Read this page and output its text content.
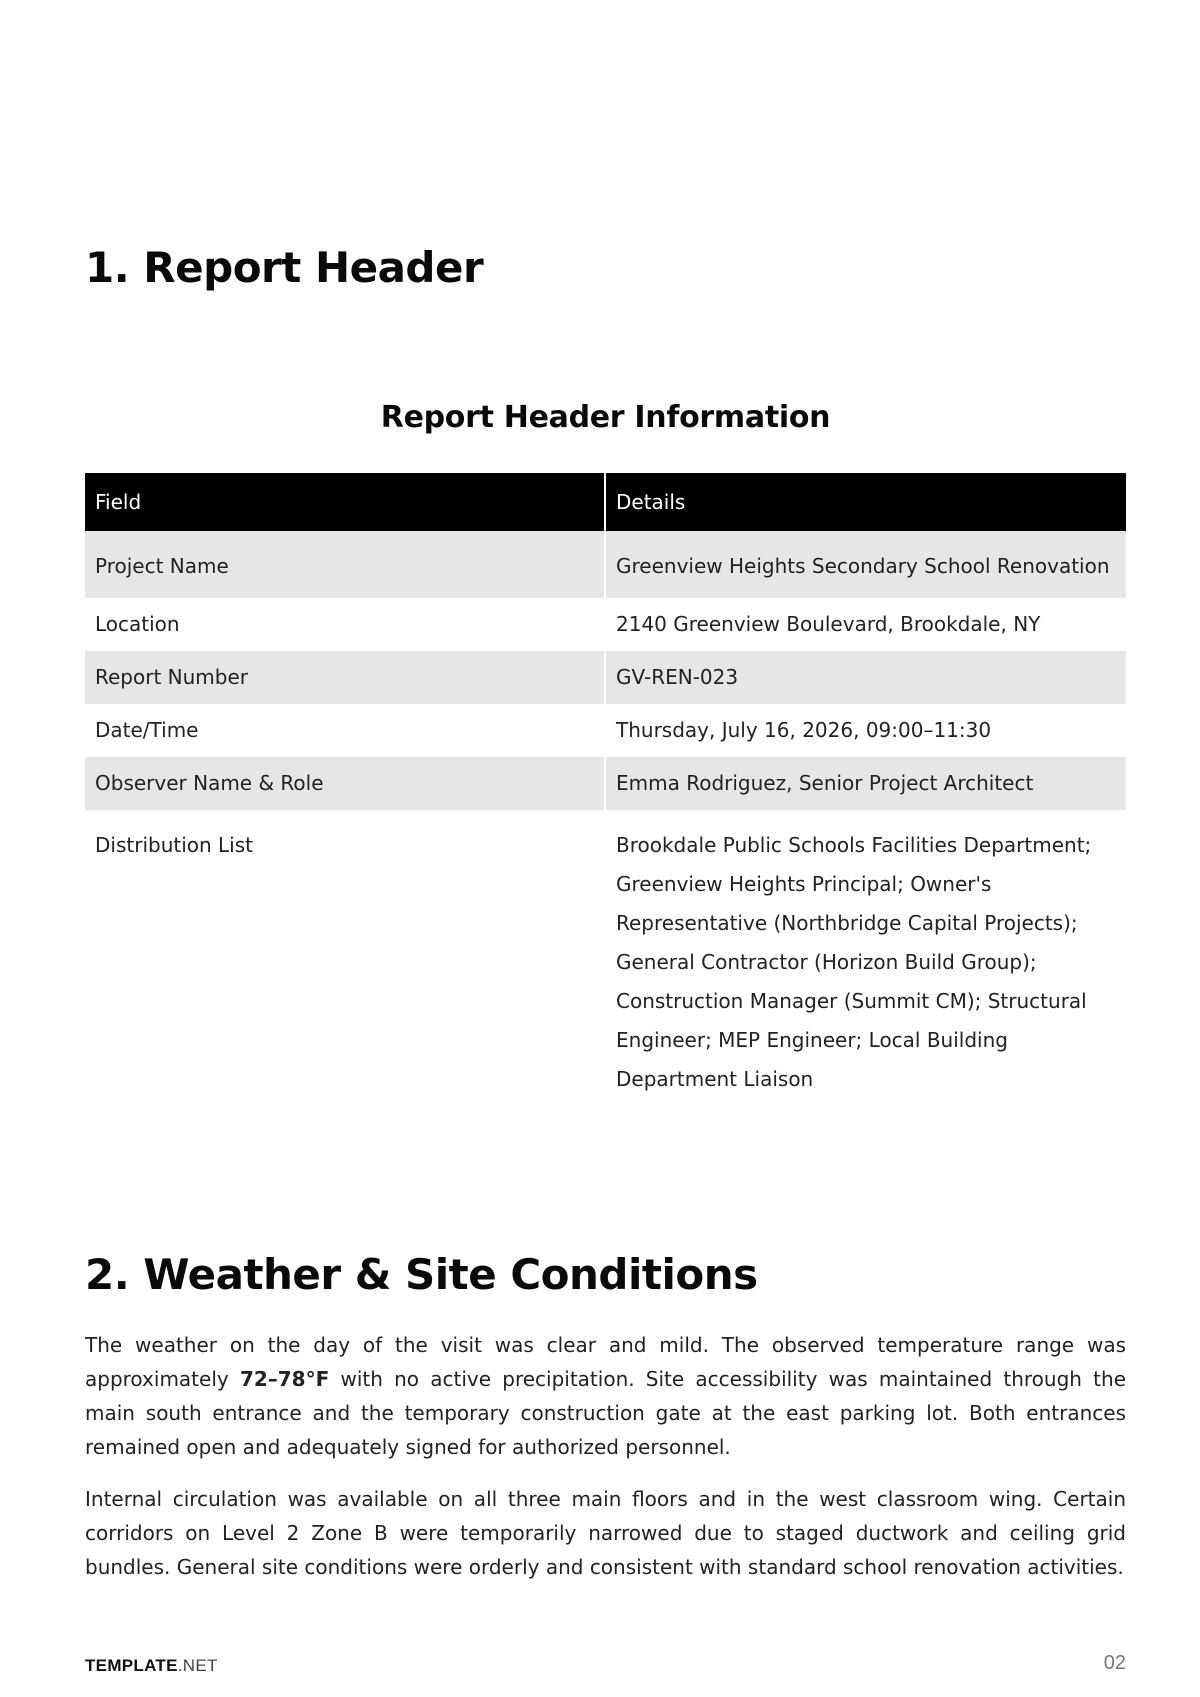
1. Report Header
Report Header Information
Field	Details
Project Name	Greenview Heights Secondary School Renovation
Location	2140 Greenview Boulevard, Brookdale, NY
Report Number	GV-REN-023
Date/Time	Thursday, July 16, 2026, 09:00–11:30
Observer Name & Role	Emma Rodriguez, Senior Project Architect
Distribution List	Brookdale Public Schools Facilities Department; Greenview Heights Principal; Owner's Representative (Northbridge Capital Projects); General Contractor (Horizon Build Group); Construction Manager (Summit CM); Structural Engineer; MEP Engineer; Local Building Department Liaison
2. Weather & Site Conditions

The weather on the day of the visit was clear and mild. The observed temperature range was approximately 72–78°F with no active precipitation. Site accessibility was maintained through the main south entrance and the temporary construction gate at the east parking lot. Both entrances remained open and adequately signed for authorized personnel.

Internal circulation was available on all three main floors and in the west classroom wing. Certain corridors on Level 2 Zone B were temporarily narrowed due to staged ductwork and ceiling grid bundles. General site conditions were orderly and consistent with standard school renovation activities.

TEMPLATE.NET	02
